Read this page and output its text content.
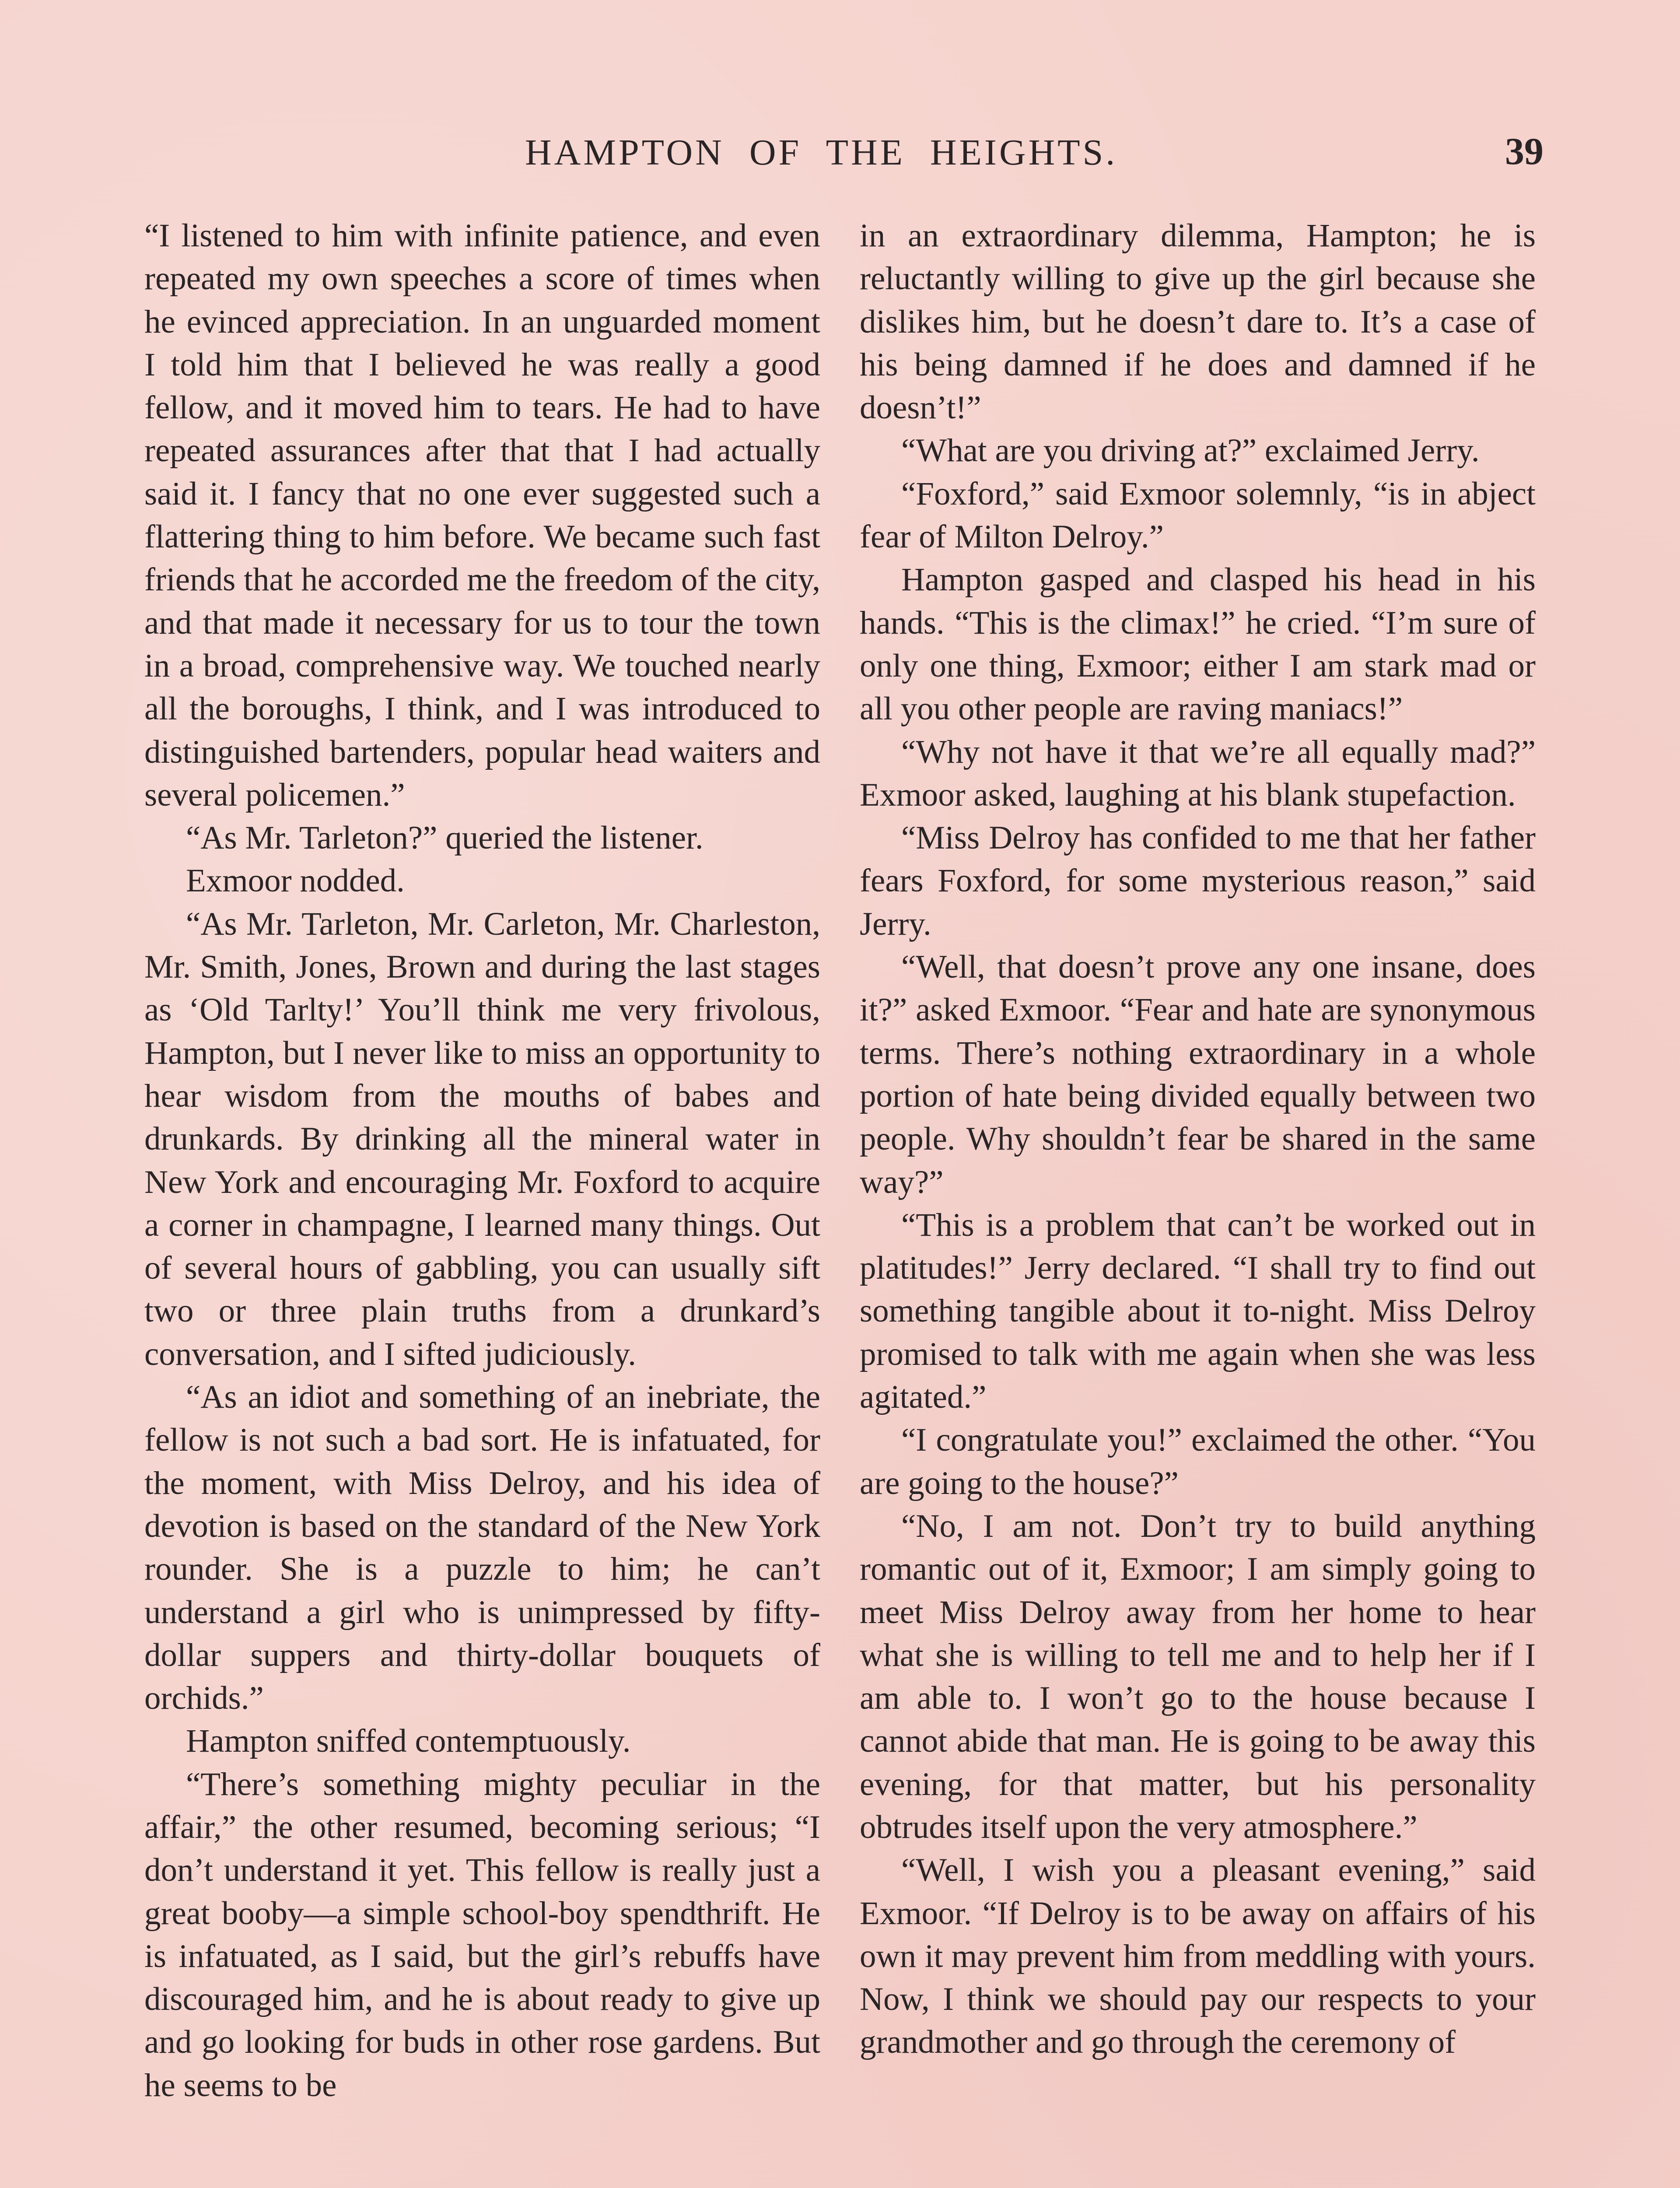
HAMPTON OF THE HEIGHTS.	39

“I listened to him with infinite patience, and even repeated my own speeches a score of times when he evinced appreciation. In an unguarded moment I told him that I believed he was really a good fellow, and it moved him to tears. He had to have repeated assurances after that that I had actually said it. I fancy that no one ever suggested such a flattering thing to him before. We became such fast friends that he accorded me the freedom of the city, and that made it necessary for us to tour the town in a broad, comprehensive way. We touched nearly all the boroughs, I think, and I was introduced to distinguished bartenders, popular head waiters and several policemen.”

“As Mr. Tarleton?” queried the listener.

Exmoor nodded.

“As Mr. Tarleton, Mr. Carleton, Mr. Charleston, Mr. Smith, Jones, Brown and during the last stages as ‘Old Tarlty!’ You’ll think me very frivolous, Hampton, but I never like to miss an opportunity to hear wisdom from the mouths of babes and drunkards. By drinking all the mineral water in New York and encouraging Mr. Foxford to acquire a corner in champagne, I learned many things. Out of several hours of gabbling, you can usually sift two or three plain truths from a drunkard’s conversation, and I sifted judiciously.

“As an idiot and something of an inebriate, the fellow is not such a bad sort. He is infatuated, for the moment, with Miss Delroy, and his idea of devotion is based on the standard of the New York rounder. She is a puzzle to him; he can’t understand a girl who is unimpressed by fifty-dollar suppers and thirty-dollar bouquets of orchids.”

Hampton sniffed contemptuously.

“There’s something mighty peculiar in the affair,” the other resumed, becoming serious; “I don’t understand it yet. This fellow is really just a great booby—a simple school-boy spendthrift. He is infatuated, as I said, but the girl’s rebuffs have discouraged him, and he is about ready to give up and go looking for buds in other rose gardens. But he seems to be

in an extraordinary dilemma, Hampton; he is reluctantly willing to give up the girl because she dislikes him, but he doesn’t dare to. It’s a case of his being damned if he does and damned if he doesn’t!”

“What are you driving at?” exclaimed Jerry.

“Foxford,” said Exmoor solemnly, “is in abject fear of Milton Delroy.”

Hampton gasped and clasped his head in his hands. “This is the climax!” he cried. “I’m sure of only one thing, Exmoor; either I am stark mad or all you other people are raving maniacs!”

“Why not have it that we’re all equally mad?” Exmoor asked, laughing at his blank stupefaction.

“Miss Delroy has confided to me that her father fears Foxford, for some mysterious reason,” said Jerry.

“Well, that doesn’t prove any one insane, does it?” asked Exmoor. “Fear and hate are synonymous terms. There’s nothing extraordinary in a whole portion of hate being divided equally between two people. Why shouldn’t fear be shared in the same way?”

“This is a problem that can’t be worked out in platitudes!” Jerry declared. “I shall try to find out something tangible about it to-night. Miss Delroy promised to talk with me again when she was less agitated.”

“I congratulate you!” exclaimed the other. “You are going to the house?”

“No, I am not. Don’t try to build anything romantic out of it, Exmoor; I am simply going to meet Miss Delroy away from her home to hear what she is willing to tell me and to help her if I am able to. I won’t go to the house because I cannot abide that man. He is going to be away this evening, for that matter, but his personality obtrudes itself upon the very atmosphere.”

“Well, I wish you a pleasant evening,” said Exmoor. “If Delroy is to be away on affairs of his own it may prevent him from meddling with yours. Now, I think we should pay our respects to your grandmother and go through the ceremony of
